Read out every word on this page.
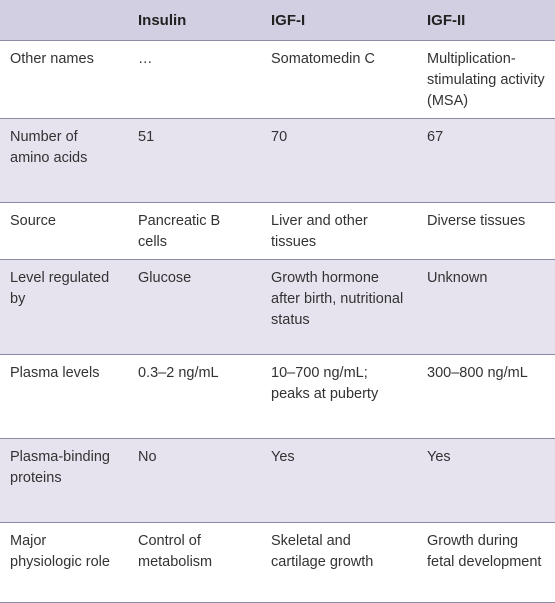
	Insulin	IGF-I	IGF-II
Other names	…	Somatomedin C	Multiplication-stimulating activity (MSA)
Number of amino acids	51	70	67
Source	Pancreatic B cells	Liver and other tissues	Diverse tissues
Level regulated by	Glucose	Growth hormone after birth, nutritional status	Unknown
Plasma levels	0.3–2 ng/mL	10–700 ng/mL; peaks at puberty	300–800 ng/mL
Plasma-binding proteins	No	Yes	Yes
Major physiologic role	Control of metabolism	Skeletal and cartilage growth	Growth during fetal development
